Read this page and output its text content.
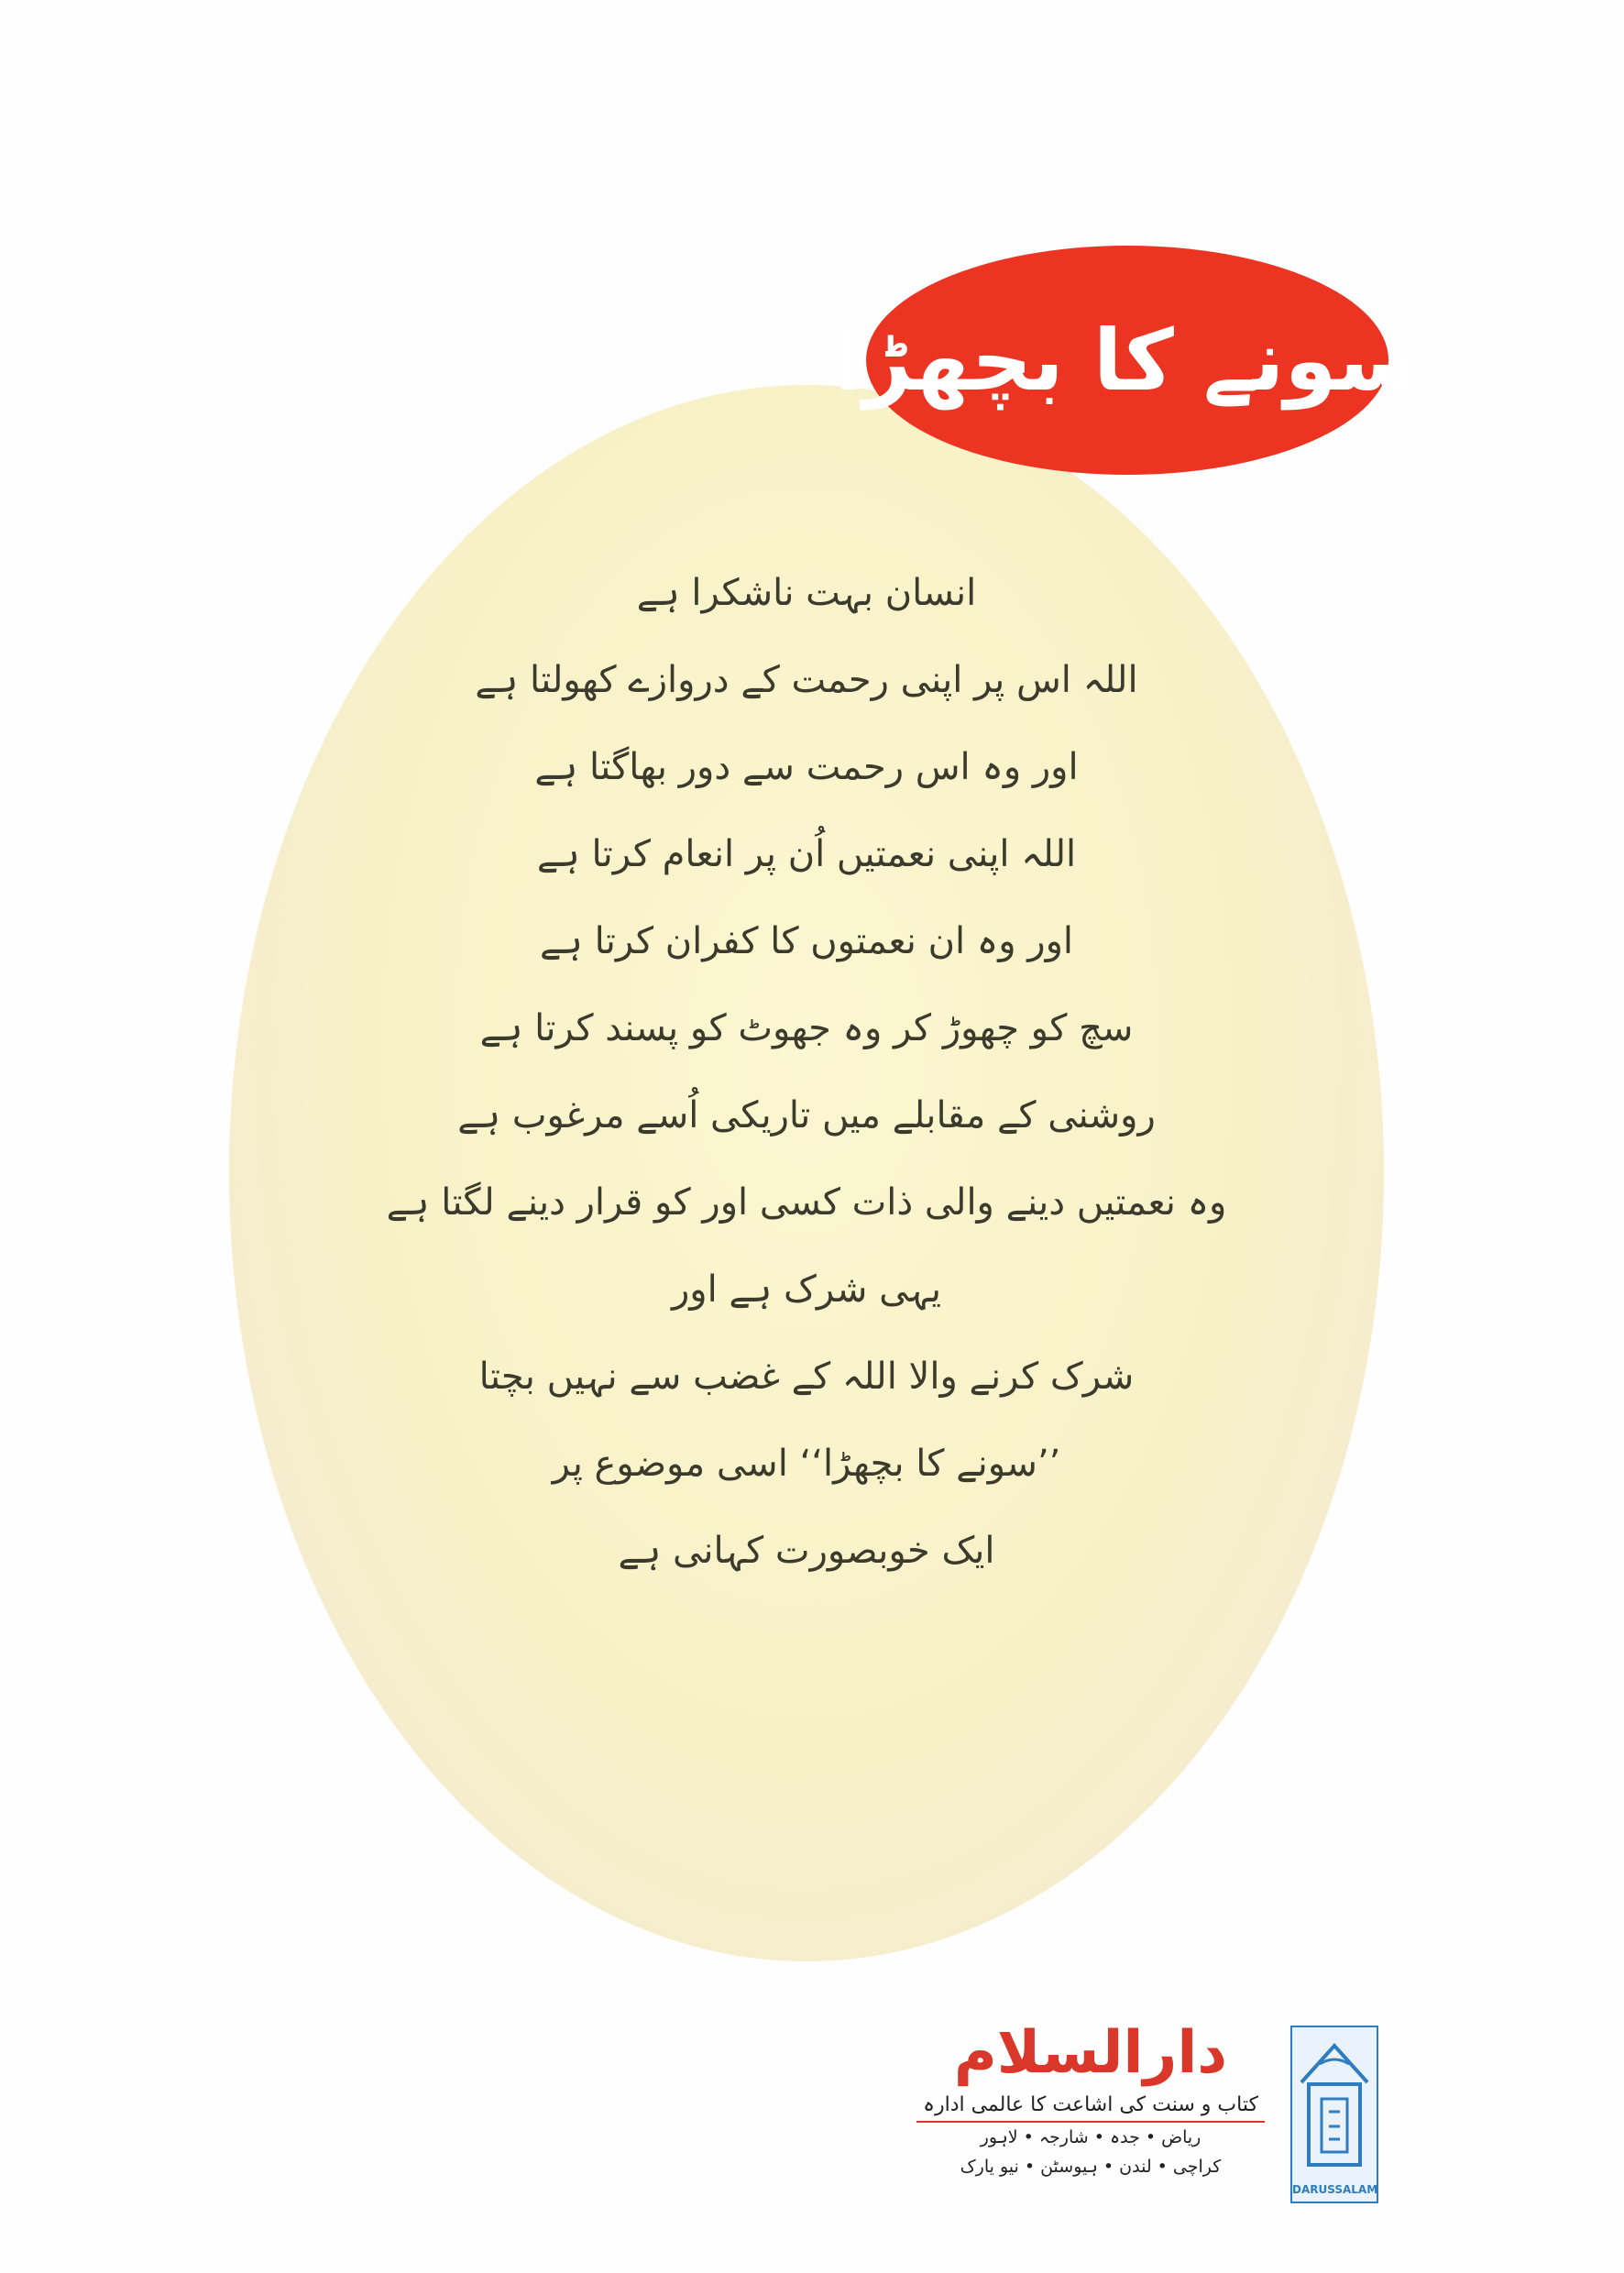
سونے کا بچھڑا
انسان بہت ناشکرا ہے
اللہ اس پر اپنی رحمت کے دروازے کھولتا ہے
اور وہ اس رحمت سے دور بھاگتا ہے
اللہ اپنی نعمتیں اُن پر انعام کرتا ہے
اور وہ ان نعمتوں کا کفران کرتا ہے
سچ کو چھوڑ کر وہ جھوٹ کو پسند کرتا ہے
روشنی کے مقابلے میں تاریکی اُسے مرغوب ہے
وہ نعمتیں دینے والی ذات کسی اور کو قرار دینے لگتا ہے
یہی شرک ہے اور
شرک کرنے والا اللہ کے غضب سے نہیں بچتا
’’سونے کا بچھڑا‘‘ اسی موضوع پر
ایک خوبصورت کہانی ہے
دارالسلام
کتاب و سنت کی اشاعت کا عالمی ادارہ
ریاض • جدہ • شارجہ • لاہور
کراچی • لندن • ہیوسٹن • نیو یارک
DARUSSALAM
